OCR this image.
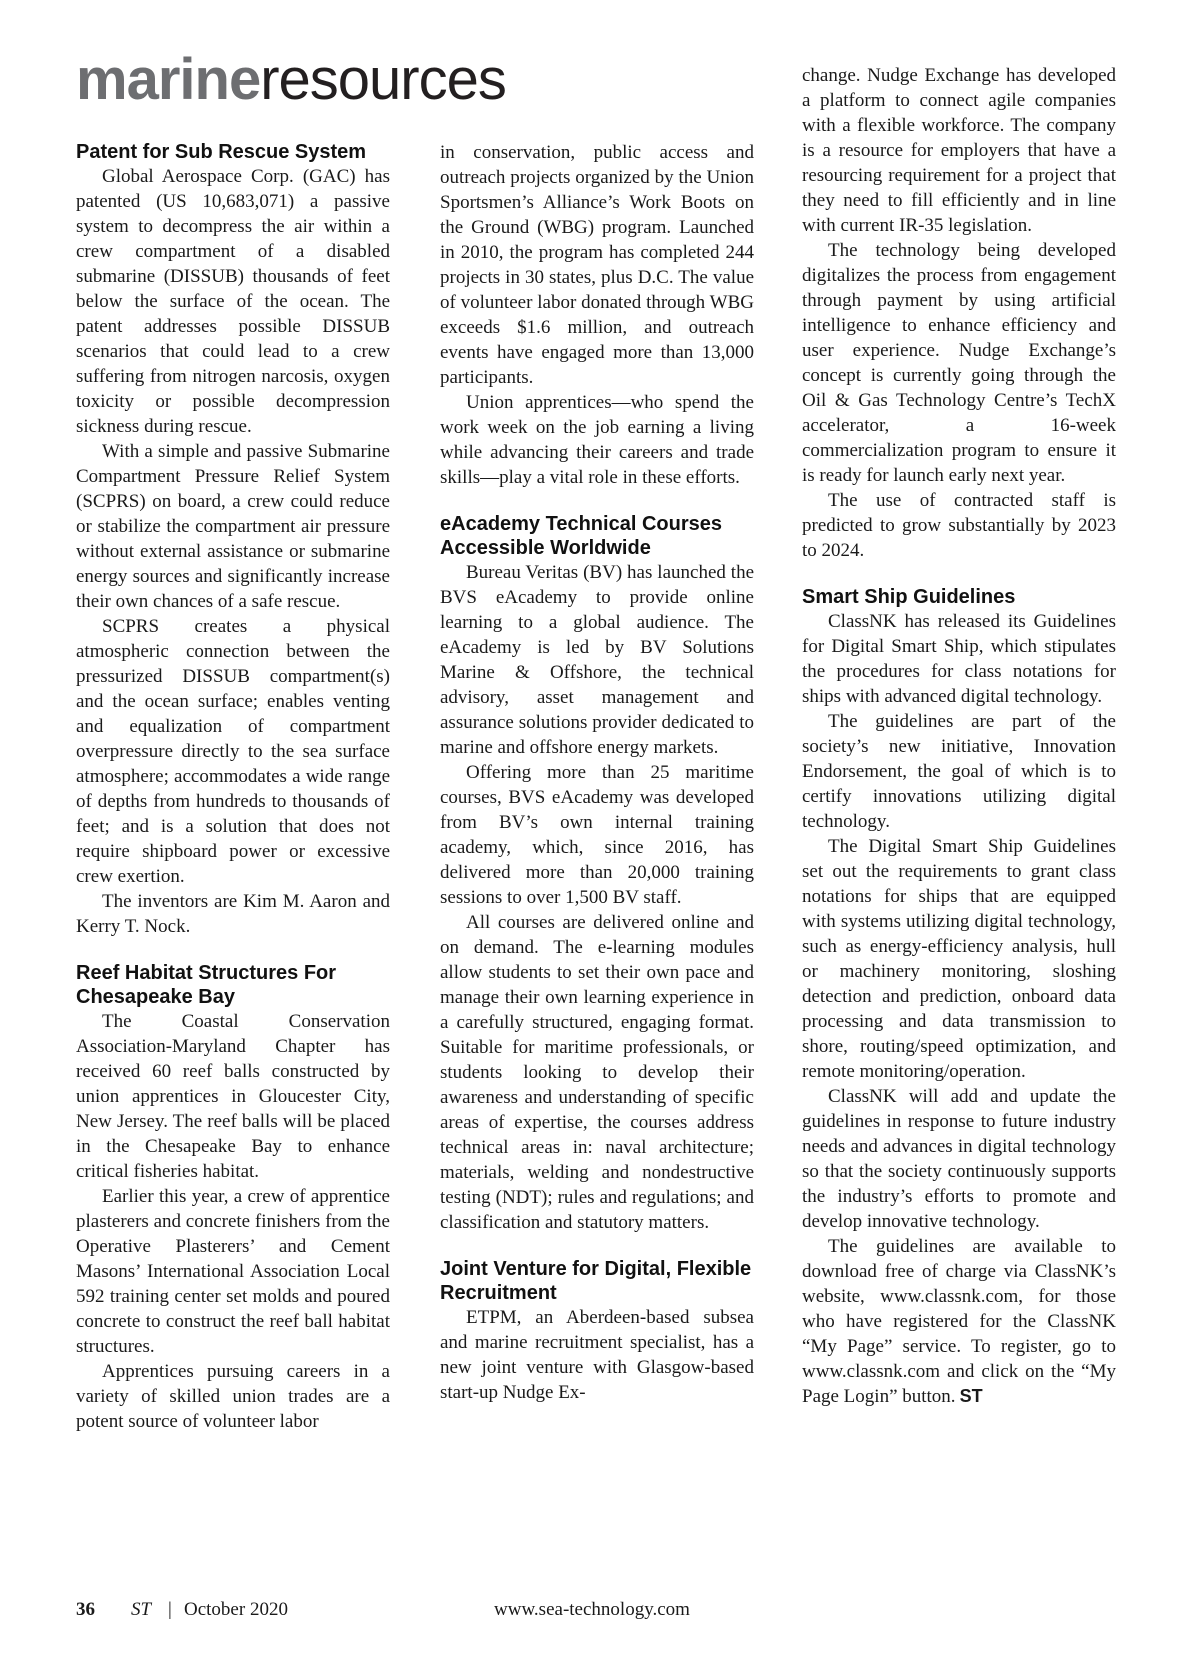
marineresources
Patent for Sub Rescue System

Global Aerospace Corp. (GAC) has patented (US 10,683,071) a passive system to decompress the air within a crew compartment of a disabled submarine (DISSUB) thousands of feet below the surface of the ocean. The patent addresses possible DISSUB scenarios that could lead to a crew suffering from nitrogen narcosis, oxygen toxicity or possible decompression sickness during rescue.

With a simple and passive Submarine Compartment Pressure Relief System (SCPRS) on board, a crew could reduce or stabilize the compartment air pressure without external assistance or submarine energy sources and significantly increase their own chances of a safe rescue.

SCPRS creates a physical atmospheric connection between the pressurized DISSUB compartment(s) and the ocean surface; enables venting and equalization of compartment overpressure directly to the sea surface atmosphere; accommodates a wide range of depths from hundreds to thousands of feet; and is a solution that does not require shipboard power or excessive crew exertion.

The inventors are Kim M. Aaron and Kerry T. Nock.

Reef Habitat Structures For Chesapeake Bay

The Coastal Conservation Association-Maryland Chapter has received 60 reef balls constructed by union apprentices in Gloucester City, New Jersey. The reef balls will be placed in the Chesapeake Bay to enhance critical fisheries habitat.

Earlier this year, a crew of apprentice plasterers and concrete finishers from the Operative Plasterers’ and Cement Masons’ International Association Local 592 training center set molds and poured concrete to construct the reef ball habitat structures.

Apprentices pursuing careers in a variety of skilled union trades are a potent source of volunteer labor

in conservation, public access and outreach projects organized by the Union Sportsmen’s Alliance’s Work Boots on the Ground (WBG) program. Launched in 2010, the program has completed 244 projects in 30 states, plus D.C. The value of volunteer labor donated through WBG exceeds $1.6 million, and outreach events have engaged more than 13,000 participants.

Union apprentices—who spend the work week on the job earning a living while advancing their careers and trade skills—play a vital role in these efforts.

eAcademy Technical Courses Accessible Worldwide

Bureau Veritas (BV) has launched the BVS eAcademy to provide online learning to a global audience. The eAcademy is led by BV Solutions Marine & Offshore, the technical advisory, asset management and assurance solutions provider dedicated to marine and offshore energy markets.

Offering more than 25 maritime courses, BVS eAcademy was developed from BV’s own internal training academy, which, since 2016, has delivered more than 20,000 training sessions to over 1,500 BV staff.

All courses are delivered online and on demand. The e-learning modules allow students to set their own pace and manage their own learning experience in a carefully structured, engaging format. Suitable for maritime professionals, or students looking to develop their awareness and understanding of specific areas of expertise, the courses address technical areas in: naval architecture; materials, welding and nondestructive testing (NDT); rules and regulations; and classification and statutory matters.

Joint Venture for Digital, Flexible Recruitment

ETPM, an Aberdeen-based subsea and marine recruitment specialist, has a new joint venture with Glasgow-based start-up Nudge Ex-

change. Nudge Exchange has developed a platform to connect agile companies with a flexible workforce. The company is a resource for employers that have a resourcing requirement for a project that they need to fill efficiently and in line with current IR-35 legislation.

The technology being developed digitalizes the process from engagement through payment by using artificial intelligence to enhance efficiency and user experience. Nudge Exchange’s concept is currently going through the Oil & Gas Technology Centre’s TechX accelerator, a 16-week commercialization program to ensure it is ready for launch early next year.

The use of contracted staff is predicted to grow substantially by 2023 to 2024.

Smart Ship Guidelines

ClassNK has released its Guidelines for Digital Smart Ship, which stipulates the procedures for class notations for ships with advanced digital technology.

The guidelines are part of the society’s new initiative, Innovation Endorsement, the goal of which is to certify innovations utilizing digital technology.

The Digital Smart Ship Guidelines set out the requirements to grant class notations for ships that are equipped with systems utilizing digital technology, such as energy-efficiency analysis, hull or machinery monitoring, sloshing detection and prediction, onboard data processing and data transmission to shore, routing/speed optimization, and remote monitoring/operation.

ClassNK will add and update the guidelines in response to future industry needs and advances in digital technology so that the society continuously supports the industry’s efforts to promote and develop innovative technology.

The guidelines are available to download free of charge via ClassNK’s website, www.classnk.com, for those who have registered for the ClassNK “My Page” service. To register, go to www.classnk.com and click on the “My Page Login” button. ST

36 ST | October 2020	www.sea-technology.com
